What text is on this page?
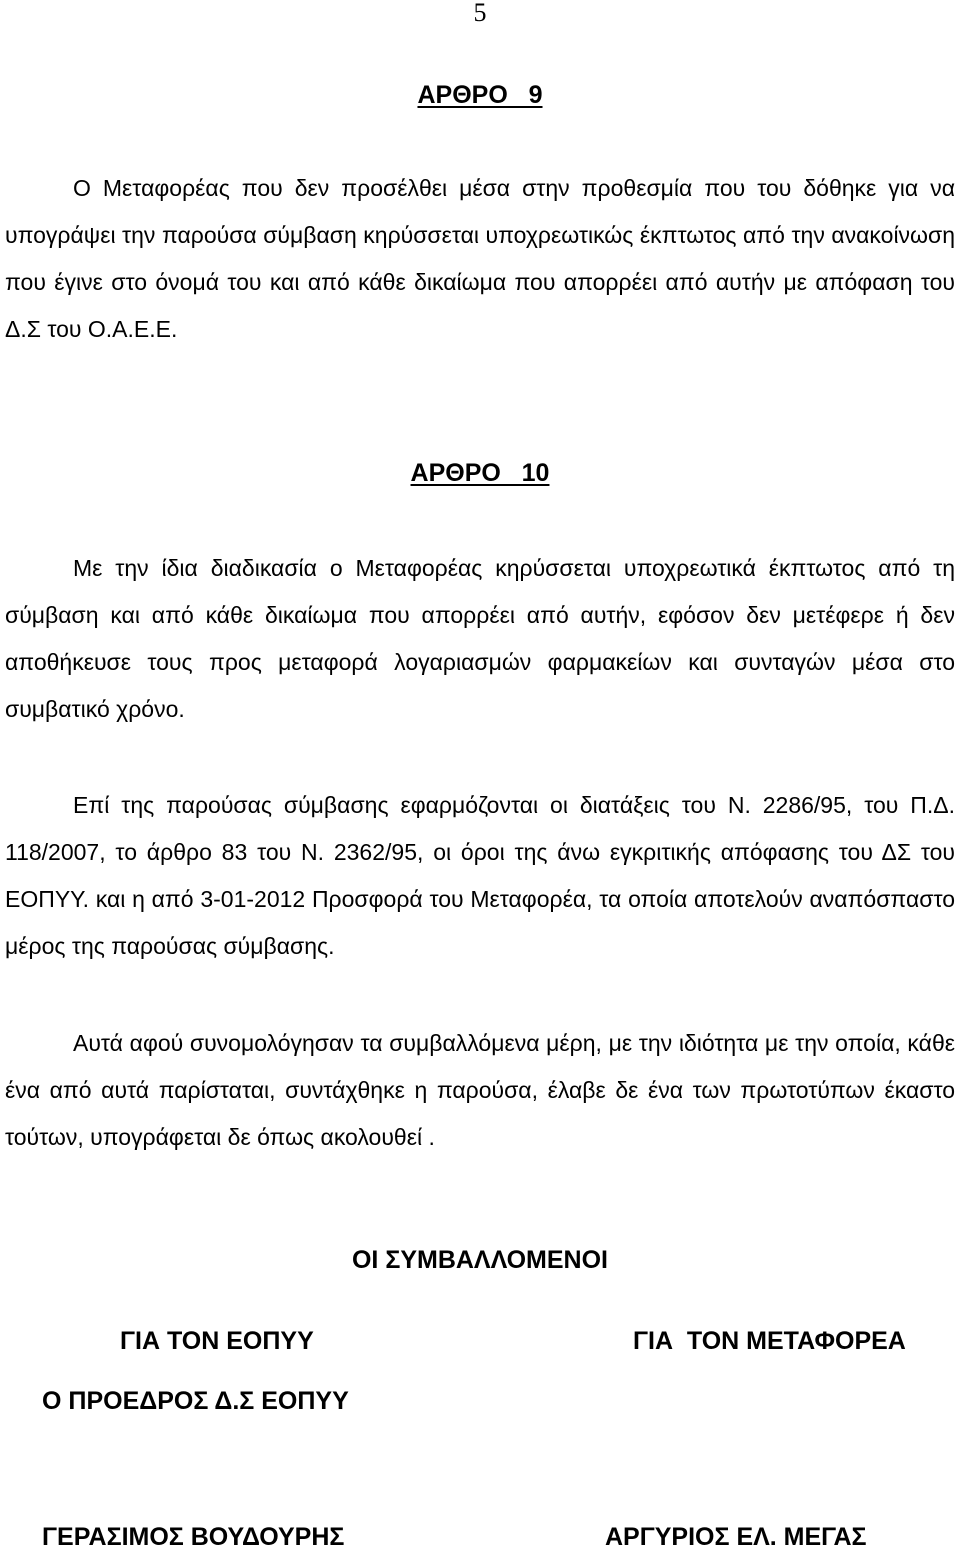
5
ΑΡΘΡΟ   9

Ο Μεταφορέας που δεν προσέλθει μέσα στην προθεσμία που του δόθηκε για να υπογράψει την παρούσα σύμβαση κηρύσσεται υποχρεωτικώς έκπτωτος από την ανακοίνωση που έγινε στο όνομά του και από κάθε δικαίωμα που απορρέει από αυτήν με απόφαση του Δ.Σ του Ο.Α.Ε.Ε.

ΑΡΘΡΟ   10

Με την ίδια διαδικασία ο Μεταφορέας κηρύσσεται υποχρεωτικά έκπτωτος από τη σύμβαση και από κάθε δικαίωμα που απορρέει από αυτήν, εφόσον δεν μετέφερε ή δεν αποθήκευσε τους προς μεταφορά λογαριασμών φαρμακείων και συνταγών μέσα στο συμβατικό χρόνο.

Επί της παρούσας σύμβασης εφαρμόζονται οι διατάξεις του Ν. 2286/95, του Π.Δ. 118/2007, το άρθρο 83 του Ν. 2362/95, οι όροι της άνω εγκριτικής απόφασης του ΔΣ του ΕΟΠΥΥ. και η από 3-01-2012 Προσφορά του Μεταφορέα, τα οποία αποτελούν αναπόσπαστο μέρος της παρούσας σύμβασης.

Αυτά αφού συνομολόγησαν τα συμβαλλόμενα μέρη, με την ιδιότητα με την οποία, κάθε ένα από αυτά παρίσταται, συντάχθηκε η παρούσα, έλαβε δε ένα των πρωτοτύπων έκαστο τούτων, υπογράφεται δε όπως ακολουθεί .

ΟΙ ΣΥΜΒΑΛΛΟΜΕΝΟΙ
ΓΙΑ ΤΟΝ ΕΟΠΥΥ	ΓΙΑ  ΤΟΝ ΜΕΤΑΦΟΡΕΑ
Ο ΠΡΟΕΔΡΟΣ Δ.Σ ΕΟΠΥΥ
ΓΕΡΑΣΙΜΟΣ ΒΟΥΔΟΥΡΗΣ	ΑΡΓΥΡΙΟΣ ΕΛ. ΜΕΓΑΣ
